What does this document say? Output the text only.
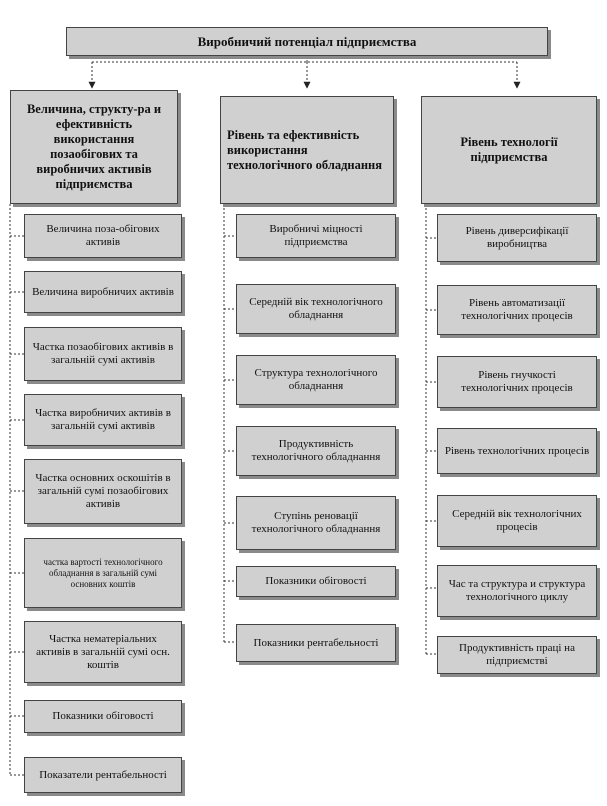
Виробничий потенціал підприємства
Величина, структу-ра и ефективність використання позаобігових та виробничих активів підприємства
Рівень та ефективність використання технологічного обладнання
Рівень технології підприємства
Величина поза-обігових активів
Величина виробничих активів
Частка позаобігових активів в загальній сумі активів
Частка виробничих активів в загальній сумі активів
Частка основних оскошітів в загальній сумі позаобігових активів
частка вартості технологічного обладнання в загальній сумі основних коштів
Частка нематеріальних активів в загальній сумі осн. коштів
Показники обіговості
Показатели рентабельності
Виробничі міцності підприємства
Середній вік технологічного обладнання
Структура технологічного обладнання
Продуктивність технологічного обладнання
Ступінь реновації технологічного обладнання
Показники обіговості
Показники рентабельності
Рівень диверсифікації виробництва
Рівень автоматизації технологічних процесів
Рівень гнучкості технологічних процесів
Рівень технологічних процесів
Середній вік технологічних процесів
Час та структура и структура технологічного циклу
Продуктивність праці на підприємстві
